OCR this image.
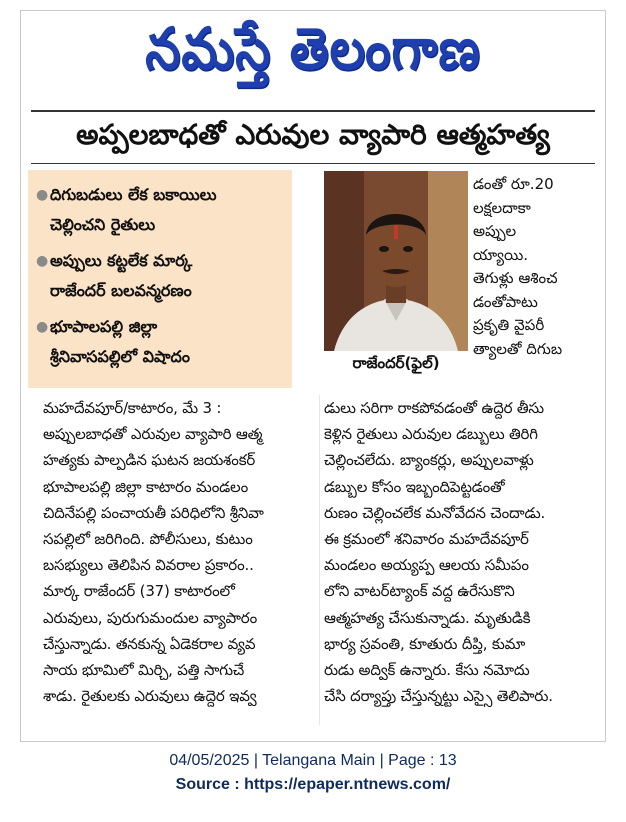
నమస్తే తెలంగాణ
అప్పలబాధతో ఎరువుల వ్యాపారి ఆత్మహత్య
● దిగుబడులు లేక బకాయిలు
చెల్లించని రైతులు
● అప్పులు కట్టలేక మార్క
రాజేందర్ బలవన్మరణం
● భూపాలపల్లి జిల్లా
శ్రీనివాసపల్లిలో విషాదం	రాజేందర్(ఫైల్)
డంతో రూ.20
లక్షలదాకా
అప్పుల
య్యాయి.
తెగుళ్లు ఆశించ
డంతోపాటు
ప్రకృతి వైపరీ
త్యాలతో దిగుబ
మహదేవపూర్/కాటారం, మే 3 :
అప్పులబాధతో ఎరువుల వ్యాపారి ఆత్మ
హత్యకు పాల్పడిన ఘటన జయశంకర్
భూపాలపల్లి జిల్లా కాటారం మండలం
చిదినేపల్లి పంచాయతీ పరిధిలోని శ్రీనివా
సపల్లిలో జరిగింది. పోలీసులు, కుటుం
బసభ్యులు తెలిపిన వివరాల ప్రకారం..
మార్క రాజేందర్ (37) కాటారంలో
ఎరువులు, పురుగుమందుల వ్యాపారం
చేస్తున్నాడు. తనకున్న ఏడెకరాల వ్యవ
సాయ భూమిలో మిర్చి, పత్తి సాగుచే
శాడు. రైతులకు ఎరువులు ఉద్దెర ఇవ్వ
డులు సరిగా రాకపోవడంతో ఉద్దెర తీసు
కెళ్లిన రైతులు ఎరువుల డబ్బులు తిరిగి
చెల్లించలేదు. బ్యాంకర్లు, అప్పులవాళ్లు
డబ్బుల కోసం ఇబ్బందిపెట్టడంతో
రుణం చెల్లించలేక మనోవేదన చెందాడు.
ఈ క్రమంలో శనివారం మహదేవపూర్
మండలం అయ్యప్ప ఆలయ సమీపం
లోని వాటర్‌ట్యాంక్ వద్ద ఉరేసుకొని
ఆత్మహత్య చేసుకున్నాడు. మృతుడికి
భార్య స్రవంతి, కూతురు దీప్తి, కుమా
రుడు అద్విక్ ఉన్నారు. కేసు నమోదు
చేసి దర్యాప్తు చేస్తున్నట్టు ఎస్సై తెలిపారు.
04/05/2025 | Telangana Main | Page : 13
Source : https://epaper.ntnews.com/
